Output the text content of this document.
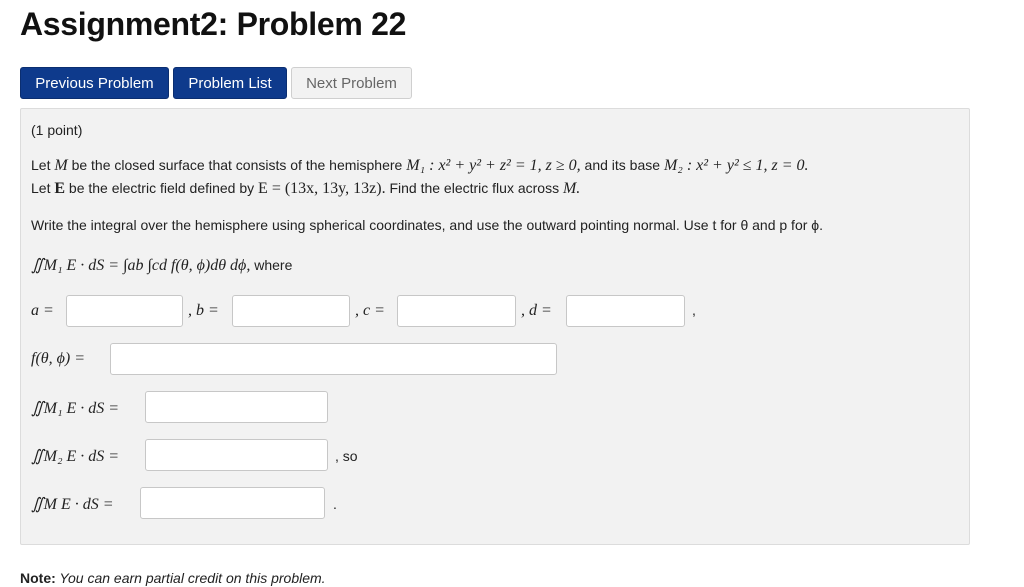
Assignment2: Problem 22
Previous Problem	Problem List	Next Problem
(1 point)
Let M be the closed surface that consists of the hemisphere M₁ : x² + y² + z² = 1, z ≥ 0, and its base M₂ : x² + y² ≤ 1, z = 0.
Let E be the electric field defined by E = (13x, 13y, 13z). Find the electric flux across M.
Write the integral over the hemisphere using spherical coordinates, and use the outward pointing normal. Use t for θ and p for ϕ.
∬M₁ E · dS = ∫ab ∫cd f(θ, ϕ)dθ dϕ, where
a =	, b =	, c =	, d =	,
f(θ, ϕ) =
∬M₁ E · dS =
∬M₂ E · dS =	, so
∬M E · dS =	.
Note: You can earn partial credit on this problem.
